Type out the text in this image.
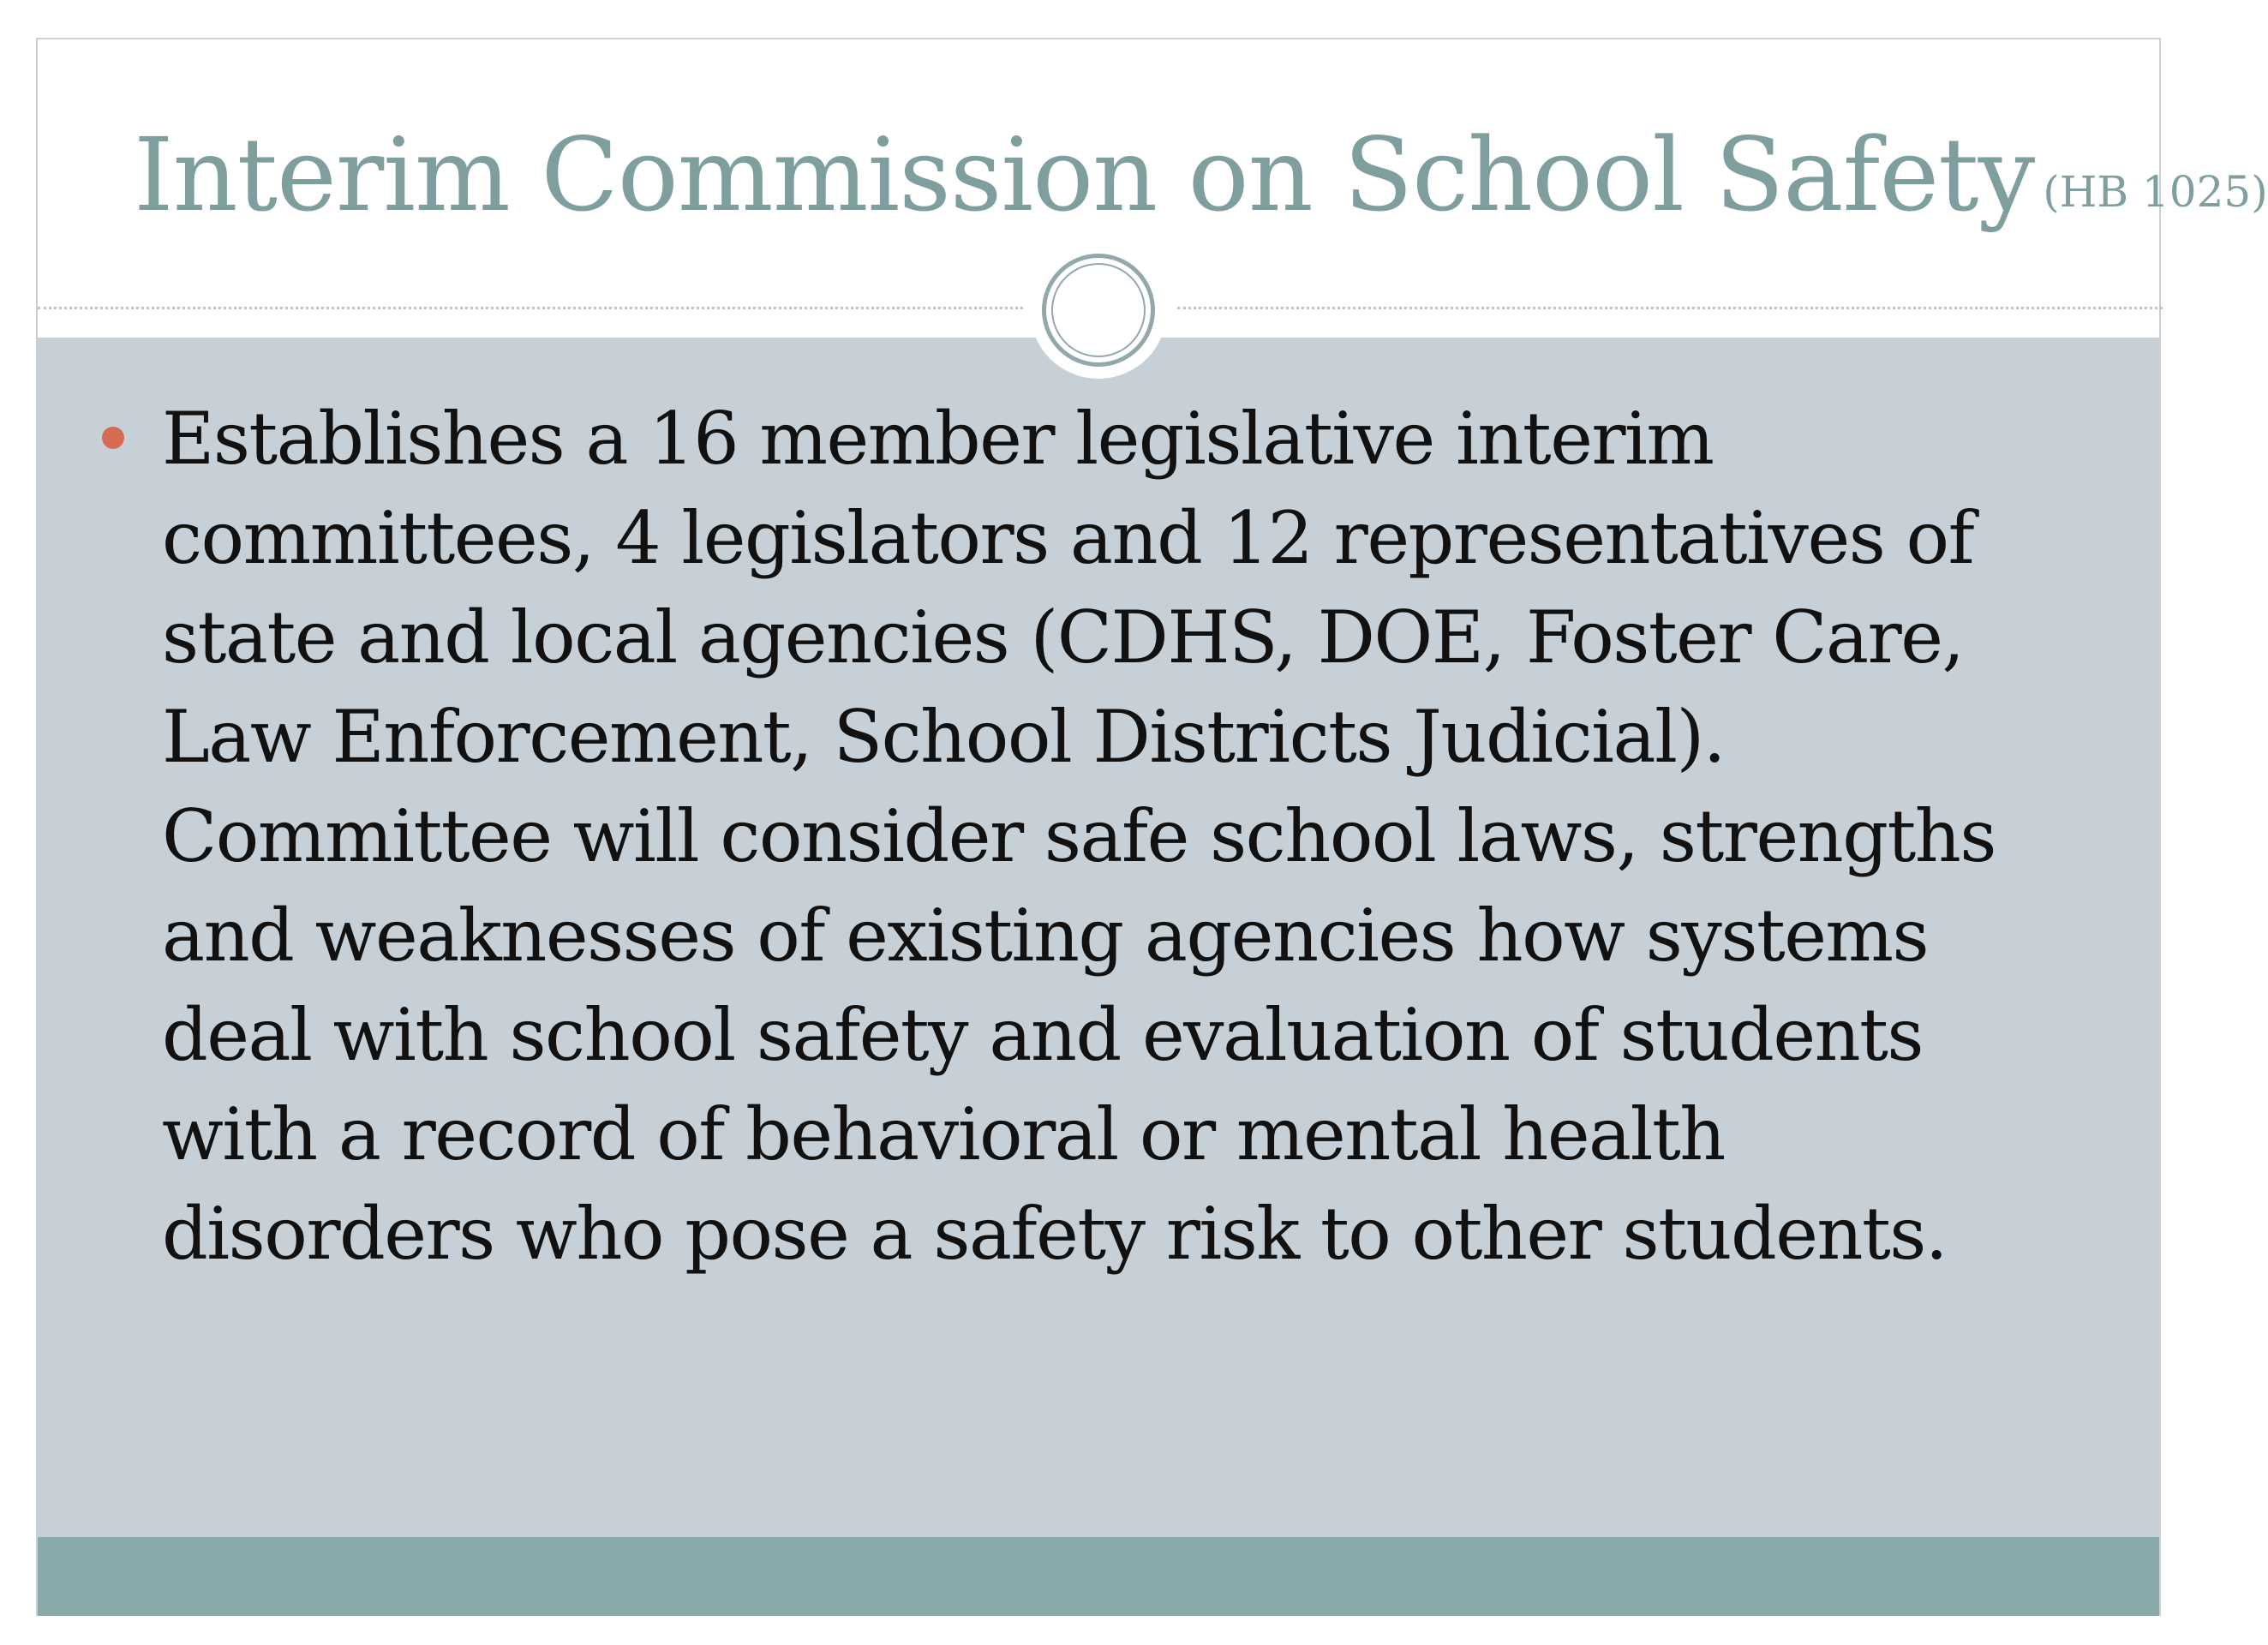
Interim Commission on School Safety (HB 1025)

Establishes a 16 member legislative interim
committees, 4 legislators and 12 representatives of
state and local agencies (CDHS, DOE, Foster Care,
Law Enforcement, School Districts Judicial).
Committee will consider safe school laws, strengths
and weaknesses of existing agencies how systems
deal with school safety and evaluation of students
with a record of behavioral or mental health
disorders who pose a safety risk to other students.
